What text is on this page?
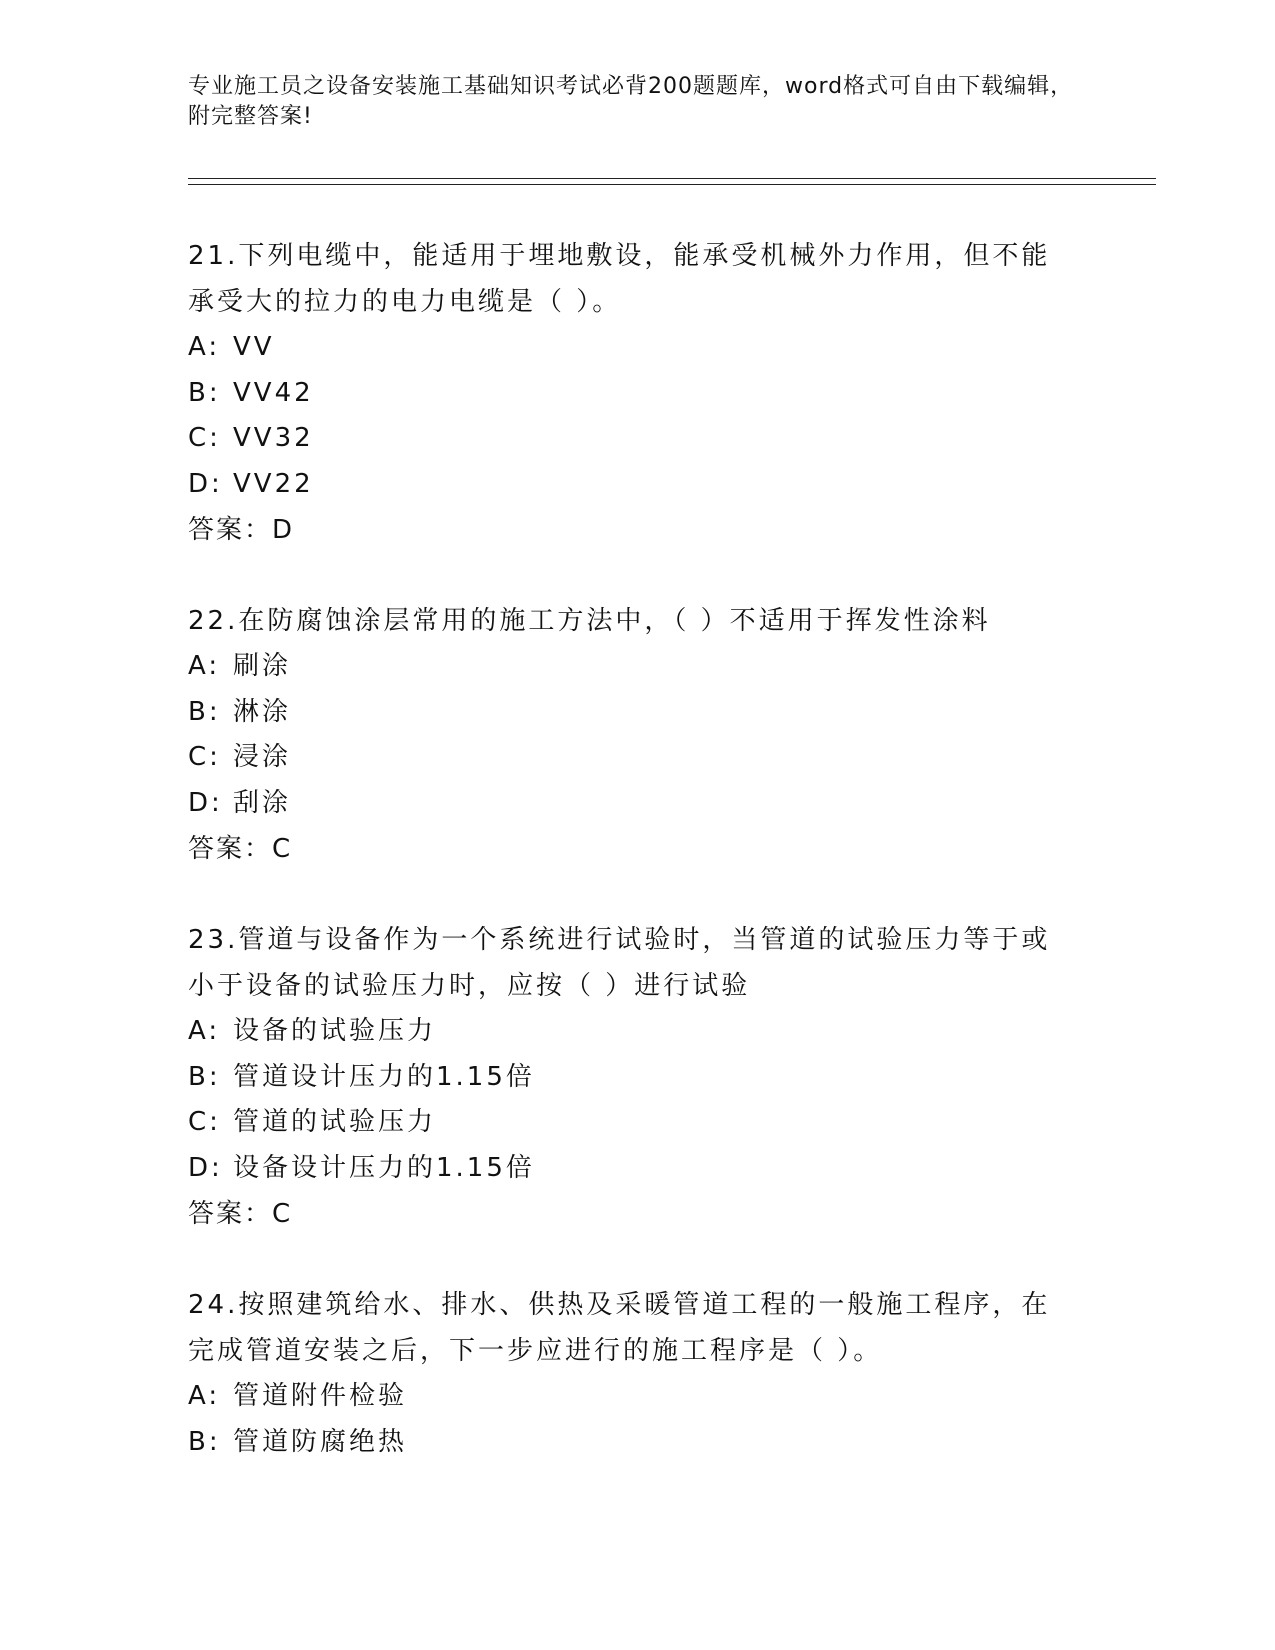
专业施工员之设备安装施工基础知识考试必背200题题库，word格式可自由下载编辑，附完整答案!

21.下列电缆中，能适用于埋地敷设，能承受机械外力作用，但不能承受大的拉力的电力电缆是（ ）。

A: VV

B: VV42

C: VV32

D: VV22

答案：D

22.在防腐蚀涂层常用的施工方法中，（ ）不适用于挥发性涂料

A: 刷涂

B: 淋涂

C: 浸涂

D: 刮涂

答案：C

23.管道与设备作为一个系统进行试验时，当管道的试验压力等于或小于设备的试验压力时，应按（ ）进行试验

A: 设备的试验压力

B: 管道设计压力的1.15倍

C: 管道的试验压力

D: 设备设计压力的1.15倍

答案：C

24.按照建筑给水、排水、供热及采暖管道工程的一般施工程序，在完成管道安装之后，下一步应进行的施工程序是（ ）。

A: 管道附件检验

B: 管道防腐绝热
